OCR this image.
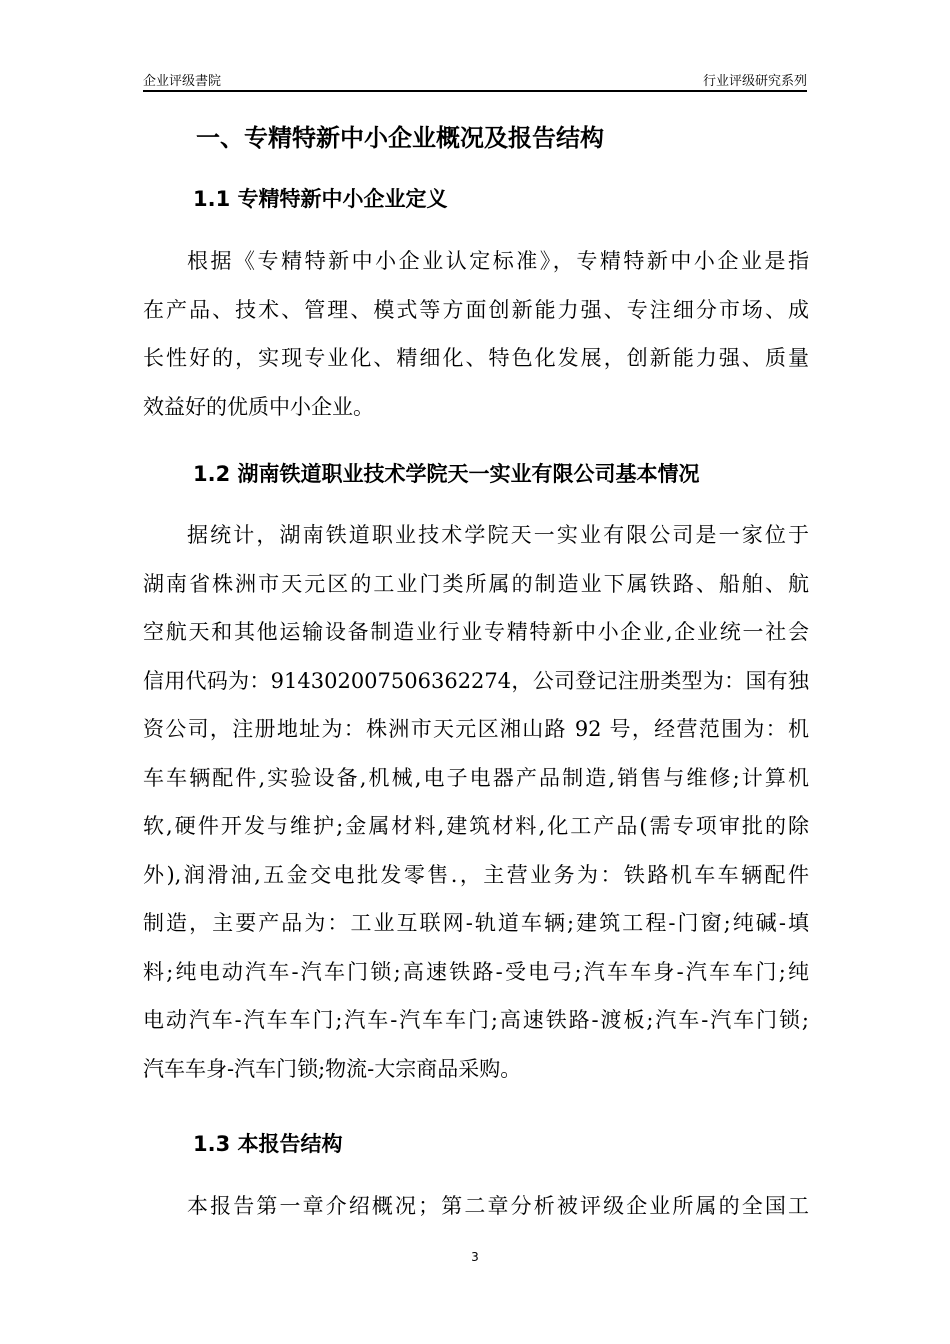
企业评级書院	行业评级研究系列
一、专精特新中小企业概况及报告结构
1.1 专精特新中小企业定义
根据《专精特新中小企业认定标准》，专精特新中小企业是指
在产品、技术、管理、模式等方面创新能力强、专注细分市场、成
长性好的，实现专业化、精细化、特色化发展，创新能力强、质量
效益好的优质中小企业。
1.2 湖南铁道职业技术学院天一实业有限公司基本情况
据统计，湖南铁道职业技术学院天一实业有限公司是一家位于
湖南省株洲市天元区的工业门类所属的制造业下属铁路、船舶、航
空航天和其他运输设备制造业行业专精特新中小企业,企业统一社会
信用代码为：914302007506362274，公司登记注册类型为：国有独
资公司，注册地址为：株洲市天元区湘山路 92 号，经营范围为：机
车车辆配件,实验设备,机械,电子电器产品制造,销售与维修;计算机
软,硬件开发与维护;金属材料,建筑材料,化工产品(需专项审批的除
外),润滑油,五金交电批发零售.，主营业务为：铁路机车车辆配件
制造，主要产品为：工业互联网-轨道车辆;建筑工程-门窗;纯碱-填
料;纯电动汽车-汽车门锁;高速铁路-受电弓;汽车车身-汽车车门;纯
电动汽车-汽车车门;汽车-汽车车门;高速铁路-渡板;汽车-汽车门锁;
汽车车身-汽车门锁;物流-大宗商品采购。
1.3 本报告结构
本报告第一章介绍概况；第二章分析被评级企业所属的全国工
3
